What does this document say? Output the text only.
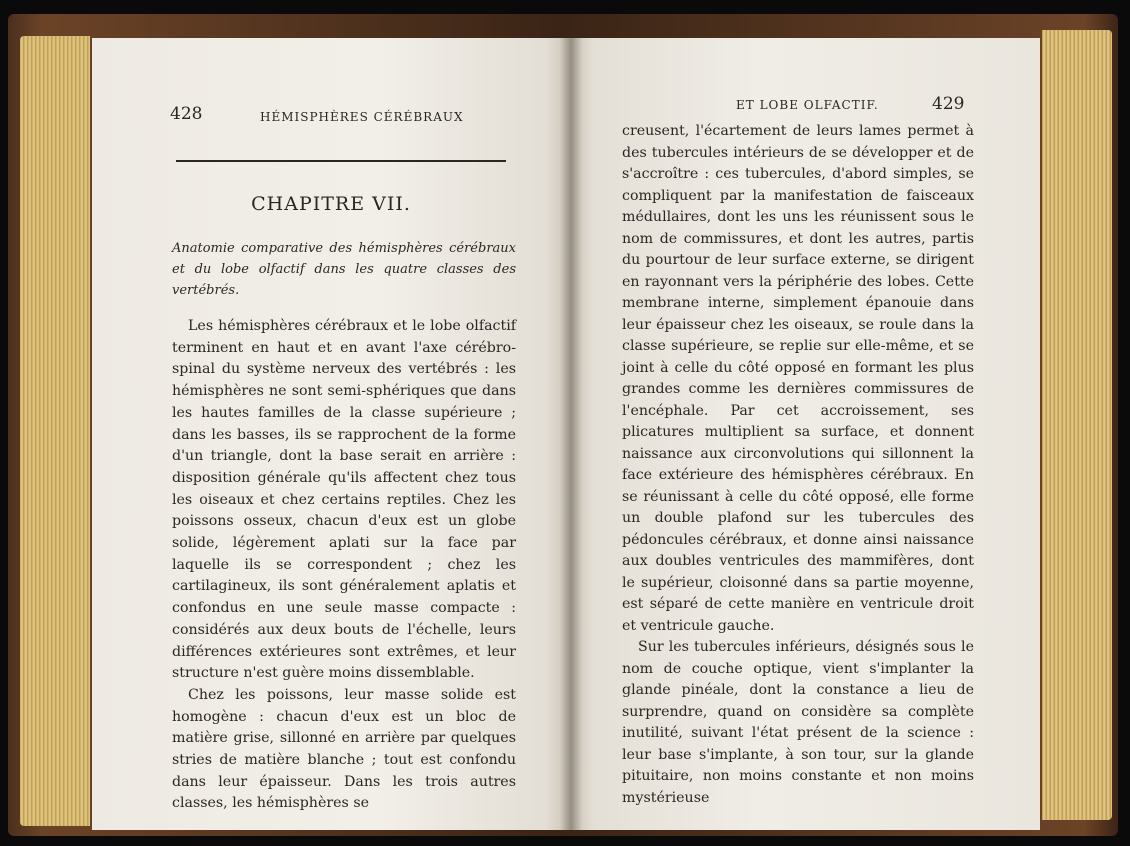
428	HÉMISPHÈRES CÉRÉBRAUX
CHAPITRE VII.
Anatomie comparative des hémisphères cérébraux et du lobe olfactif dans les quatre classes des vertébrés.

Les hémisphères cérébraux et le lobe olfactif terminent en haut et en avant l'axe cérébro-spinal du système nerveux des vertébrés : les hémisphères ne sont semi-sphériques que dans les hautes familles de la classe supérieure ; dans les basses, ils se rapprochent de la forme d'un triangle, dont la base serait en arrière : disposition générale qu'ils affectent chez tous les oiseaux et chez certains reptiles. Chez les poissons osseux, chacun d'eux est un globe solide, légèrement aplati sur la face par laquelle ils se correspondent ; chez les cartilagineux, ils sont généralement aplatis et confondus en une seule masse compacte : considérés aux deux bouts de l'échelle, leurs différences extérieures sont extrêmes, et leur structure n'est guère moins dissemblable.

Chez les poissons, leur masse solide est homogène : chacun d'eux est un bloc de matière grise, sillonné en arrière par quelques stries de matière blanche ; tout est confondu dans leur épaisseur. Dans les trois autres classes, les hémisphères se

ET LOBE OLFACTIF.	429

creusent, l'écartement de leurs lames permet à des tubercules intérieurs de se développer et de s'accroître : ces tubercules, d'abord simples, se compliquent par la manifestation de faisceaux médullaires, dont les uns les réunissent sous le nom de commissures, et dont les autres, partis du pourtour de leur surface externe, se dirigent en rayonnant vers la périphérie des lobes. Cette membrane interne, simplement épanouie dans leur épaisseur chez les oiseaux, se roule dans la classe supérieure, se replie sur elle-même, et se joint à celle du côté opposé en formant les plus grandes comme les dernières commissures de l'encéphale. Par cet accroissement, ses plicatures multiplient sa surface, et donnent naissance aux circonvolutions qui sillonnent la face extérieure des hémisphères cérébraux. En se réunissant à celle du côté opposé, elle forme un double plafond sur les tubercules des pédoncules cérébraux, et donne ainsi naissance aux doubles ventricules des mammifères, dont le supérieur, cloisonné dans sa partie moyenne, est séparé de cette manière en ventricule droit et ventricule gauche.

Sur les tubercules inférieurs, désignés sous le nom de couche optique, vient s'implanter la glande pinéale, dont la constance a lieu de surprendre, quand on considère sa complète inutilité, suivant l'état présent de la science : leur base s'implante, à son tour, sur la glande pituitaire, non moins constante et non moins mystérieuse
